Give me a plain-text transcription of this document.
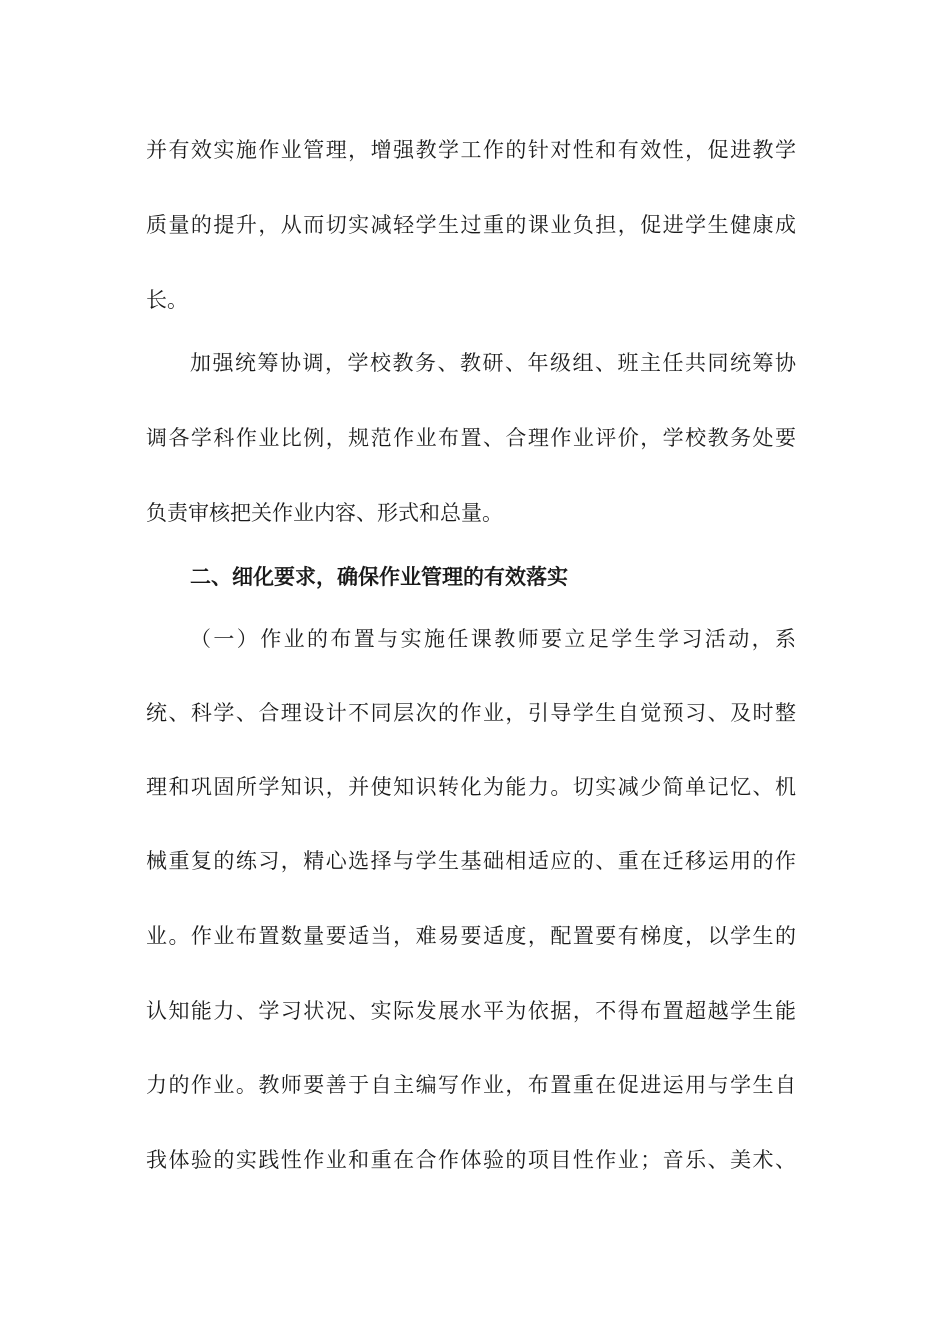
并有效实施作业管理，增强教学工作的针对性和有效性，促进教学
质量的提升，从而切实减轻学生过重的课业负担，促进学生健康成
长。
加强统筹协调，学校教务、教研、年级组、班主任共同统筹协
调各学科作业比例，规范作业布置、合理作业评价，学校教务处要
负责审核把关作业内容、形式和总量。
二、细化要求，确保作业管理的有效落实
（一）作业的布置与实施任课教师要立足学生学习活动，系
统、科学、合理设计不同层次的作业，引导学生自觉预习、及时整
理和巩固所学知识，并使知识转化为能力。切实减少简单记忆、机
械重复的练习，精心选择与学生基础相适应的、重在迁移运用的作
业。作业布置数量要适当，难易要适度，配置要有梯度，以学生的
认知能力、学习状况、实际发展水平为依据，不得布置超越学生能
力的作业。教师要善于自主编写作业，布置重在促进运用与学生自
我体验的实践性作业和重在合作体验的项目性作业；音乐、美术、
